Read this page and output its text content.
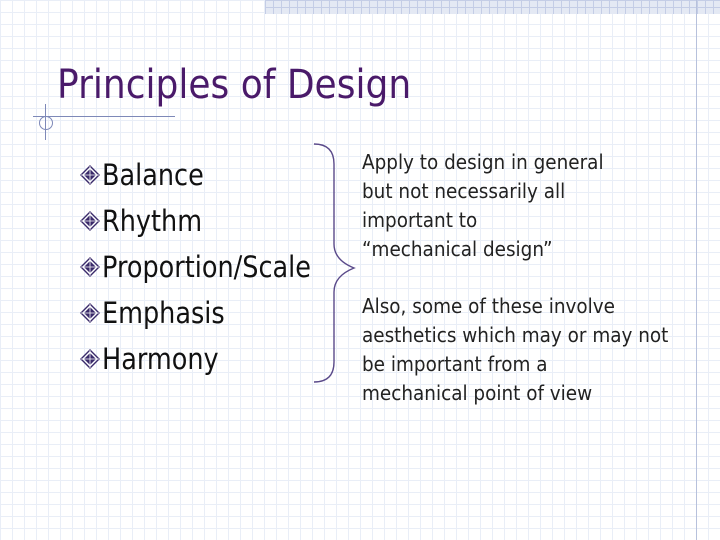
Principles of Design
Balance
Rhythm
Proportion/Scale
Emphasis
Harmony

Apply to design in general
but not necessarily all
important to
“mechanical design”

Also, some of these involve
aesthetics which may or may not
be important from a
mechanical point of view
